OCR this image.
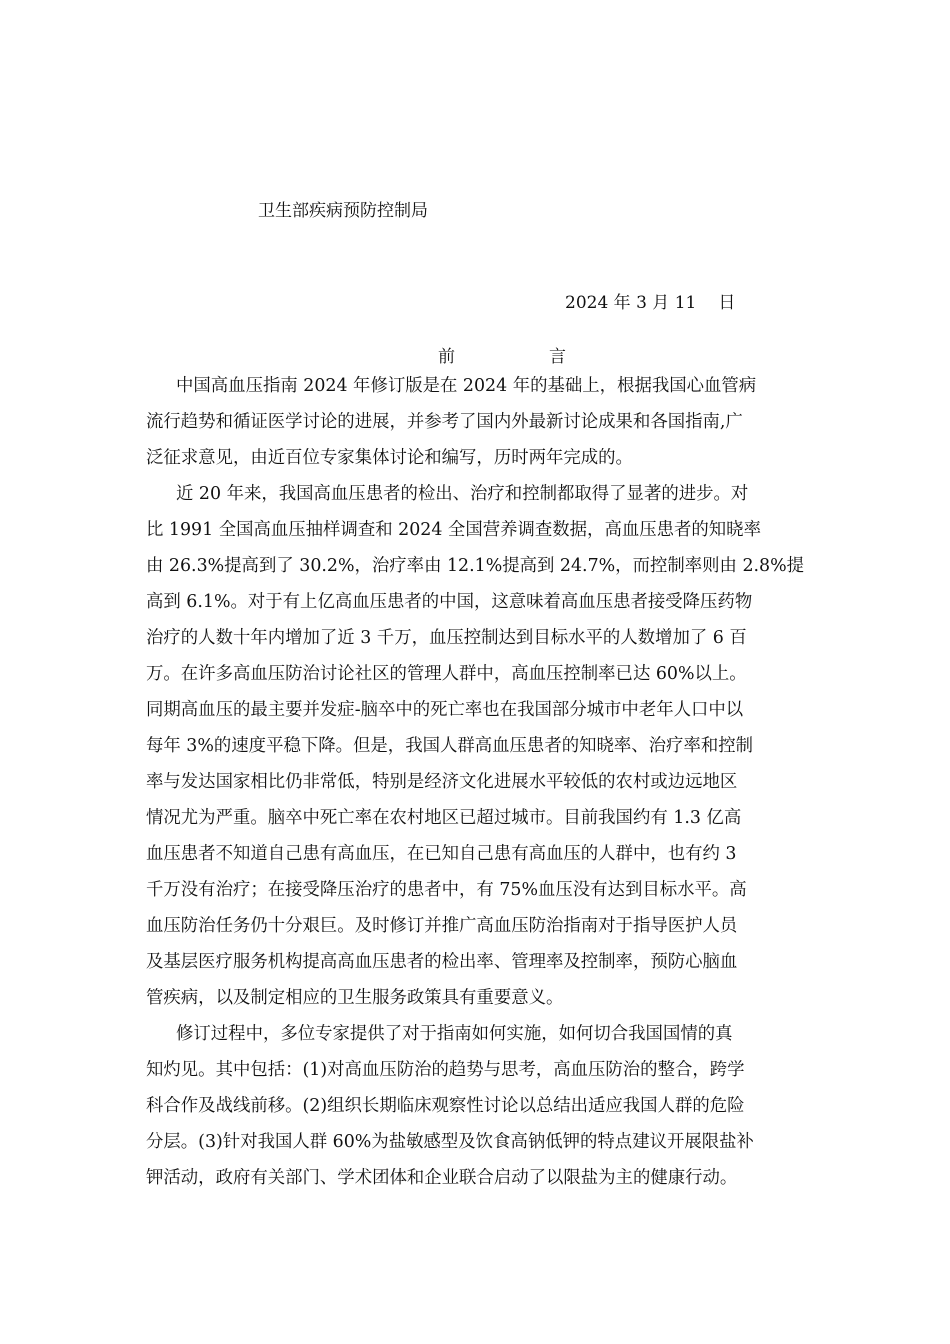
卫生部疾病预防控制局
2024 年 3 月 11 日
前	言
中国高血压指南 2024 年修订版是在 2024 年的基础上，根据我国心血管病
流行趋势和循证医学讨论的进展，并参考了国内外最新讨论成果和各国指南,广
泛征求意见，由近百位专家集体讨论和编写，历时两年完成的。
近 20 年来，我国高血压患者的检出、治疗和控制都取得了显著的进步。对
比 1991 全国高血压抽样调查和 2024 全国营养调查数据，高血压患者的知晓率
由 26.3%提高到了 30.2%，治疗率由 12.1%提高到 24.7%，而控制率则由 2.8%提
高到 6.1%。对于有上亿高血压患者的中国，这意味着高血压患者接受降压药物
治疗的人数十年内增加了近 3 千万，血压控制达到目标水平的人数增加了 6 百
万。在许多高血压防治讨论社区的管理人群中，高血压控制率已达 60%以上。
同期高血压的最主要并发症-脑卒中的死亡率也在我国部分城市中老年人口中以
每年 3%的速度平稳下降。但是，我国人群高血压患者的知晓率、治疗率和控制
率与发达国家相比仍非常低，特别是经济文化进展水平较低的农村或边远地区
情况尤为严重。脑卒中死亡率在农村地区已超过城市。目前我国约有 1.3 亿高
血压患者不知道自己患有高血压，在已知自己患有高血压的人群中，也有约 3
千万没有治疗；在接受降压治疗的患者中，有 75%血压没有达到目标水平。高
血压防治任务仍十分艰巨。及时修订并推广高血压防治指南对于指导医护人员
及基层医疗服务机构提高高血压患者的检出率、管理率及控制率，预防心脑血
管疾病，以及制定相应的卫生服务政策具有重要意义。
修订过程中，多位专家提供了对于指南如何实施，如何切合我国国情的真
知灼见。其中包括：(1)对高血压防治的趋势与思考，高血压防治的整合，跨学
科合作及战线前移。(2)组织长期临床观察性讨论以总结出适应我国人群的危险
分层。(3)针对我国人群 60%为盐敏感型及饮食高钠低钾的特点建议开展限盐补
钾活动，政府有关部门、学术团体和企业联合启动了以限盐为主的健康行动。
